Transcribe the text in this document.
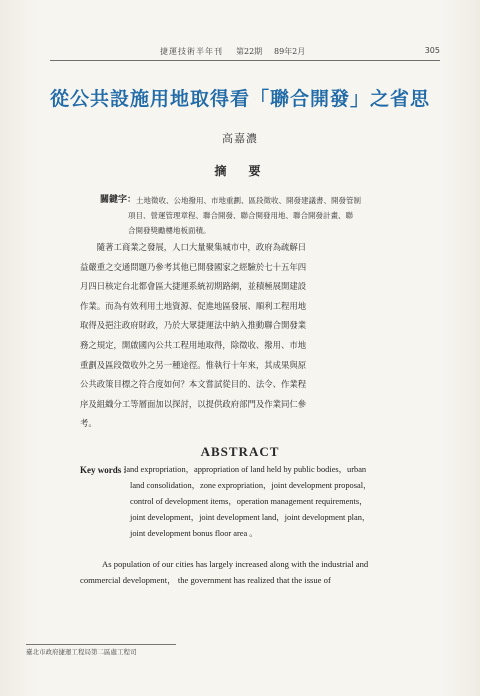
捷運技術半年刊 第22期 89年2月	305
從公共設施用地取得看「聯合開發」之省思
高嘉濃
摘　要
關鍵字： 土地徵收、公地撥用、市地重劃、區段徵收、開發建議書、開發管制
項目、營運管理章程、聯合開發、聯合開發用地、聯合開發計畫、聯
合開發獎勵樓地板面積。
　　隨著工商業之發展，人口大量聚集城市中，政府為疏解日
益嚴重之交通問題乃參考其他已開發國家之經驗於七十五年四
月四日核定台北都會區大捷運系統初期路網，並積極展開建設
作業。而為有效利用土地資源、促進地區發展、順利工程用地
取得及挹注政府財政，乃於大眾捷運法中納入推動聯合開發業
務之規定，開啟國內公共工程用地取得，除徵收、撥用、市地
重劃及區段徵收外之另一種途徑。惟執行十年來，其成果與原
公共政策目標之符合度如何？本文嘗試從目的、法令、作業程
序及組織分工等層面加以探討，以提供政府部門及作業同仁參
考。
ABSTRACT
Key words :
land expropriation，appropriation of land held by public bodies，urban
land consolidation，zone expropriation，joint development proposal，
control of development items，operation management requirements，
joint development，joint development land，joint development plan，
joint development bonus floor area 。
As population of our cities has largely increased along with the industrial and
commercial development， the government has realized that the issue of
臺北市政府捷運工程局第二區處工程司
